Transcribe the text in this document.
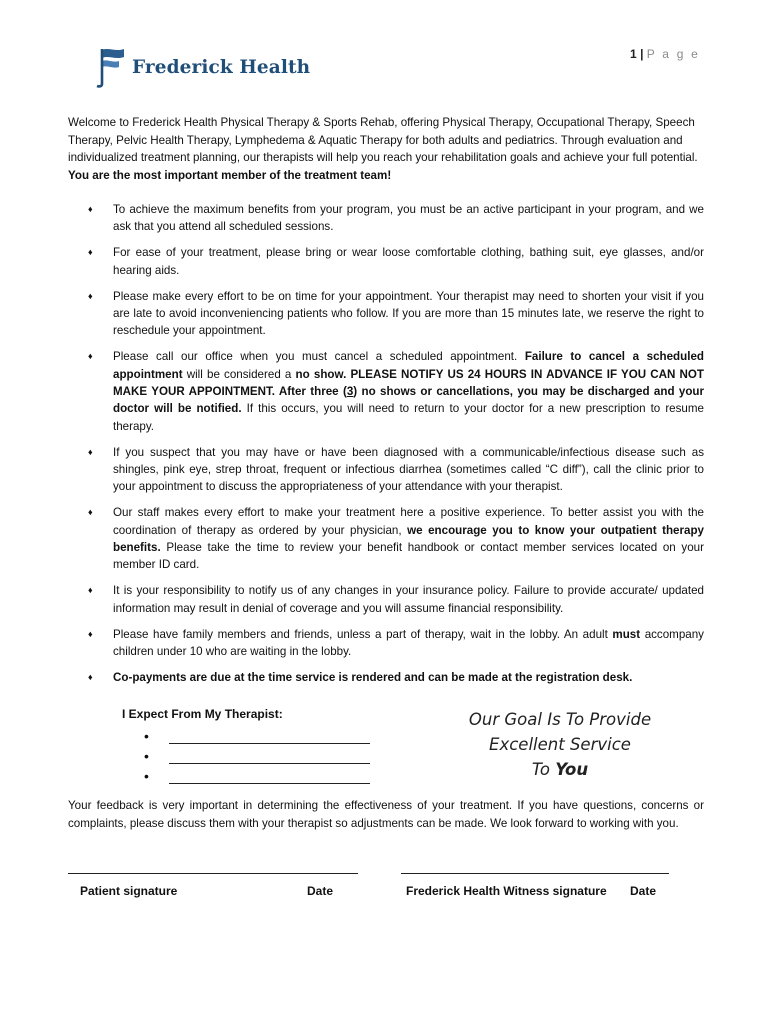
Frederick Health
1 | P a g e
Welcome to Frederick Health Physical Therapy & Sports Rehab, offering Physical Therapy, Occupational Therapy, Speech Therapy, Pelvic Health Therapy, Lymphedema & Aquatic Therapy for both adults and pediatrics. Through evaluation and individualized treatment planning, our therapists will help you reach your rehabilitation goals and achieve your full potential. You are the most important member of the treatment team!
♦ To achieve the maximum benefits from your program, you must be an active participant in your program, and we ask that you attend all scheduled sessions.
♦ For ease of your treatment, please bring or wear loose comfortable clothing, bathing suit, eye glasses, and/or hearing aids.
♦ Please make every effort to be on time for your appointment. Your therapist may need to shorten your visit if you are late to avoid inconveniencing patients who follow. If you are more than 15 minutes late, we reserve the right to reschedule your appointment.
♦ Please call our office when you must cancel a scheduled appointment. Failure to cancel a scheduled appointment will be considered a no show. PLEASE NOTIFY US 24 HOURS IN ADVANCE IF YOU CAN NOT MAKE YOUR APPOINTMENT. After three (3) no shows or cancellations, you may be discharged and your doctor will be notified. If this occurs, you will need to return to your doctor for a new prescription to resume therapy.
♦ If you suspect that you may have or have been diagnosed with a communicable/infectious disease such as shingles, pink eye, strep throat, frequent or infectious diarrhea (sometimes called “C diff”), call the clinic prior to your appointment to discuss the appropriateness of your attendance with your therapist.
♦ Our staff makes every effort to make your treatment here a positive experience. To better assist you with the coordination of therapy as ordered by your physician, we encourage you to know your outpatient therapy benefits. Please take the time to review your benefit handbook or contact member services located on your member ID card.
♦ It is your responsibility to notify us of any changes in your insurance policy. Failure to provide accurate/ updated information may result in denial of coverage and you will assume financial responsibility.
♦ Please have family members and friends, unless a part of therapy, wait in the lobby. An adult must accompany children under 10 who are waiting in the lobby.
♦ Co-payments are due at the time service is rendered and can be made at the registration desk.
I Expect From My Therapist:
•
•
•
Our Goal Is To Provide
Excellent Service
To You
Your feedback is very important in determining the effectiveness of your treatment. If you have questions, concerns or complaints, please discuss them with your therapist so adjustments can be made. We look forward to working with you.
Patient signature	Date	Frederick Health Witness signature Date
